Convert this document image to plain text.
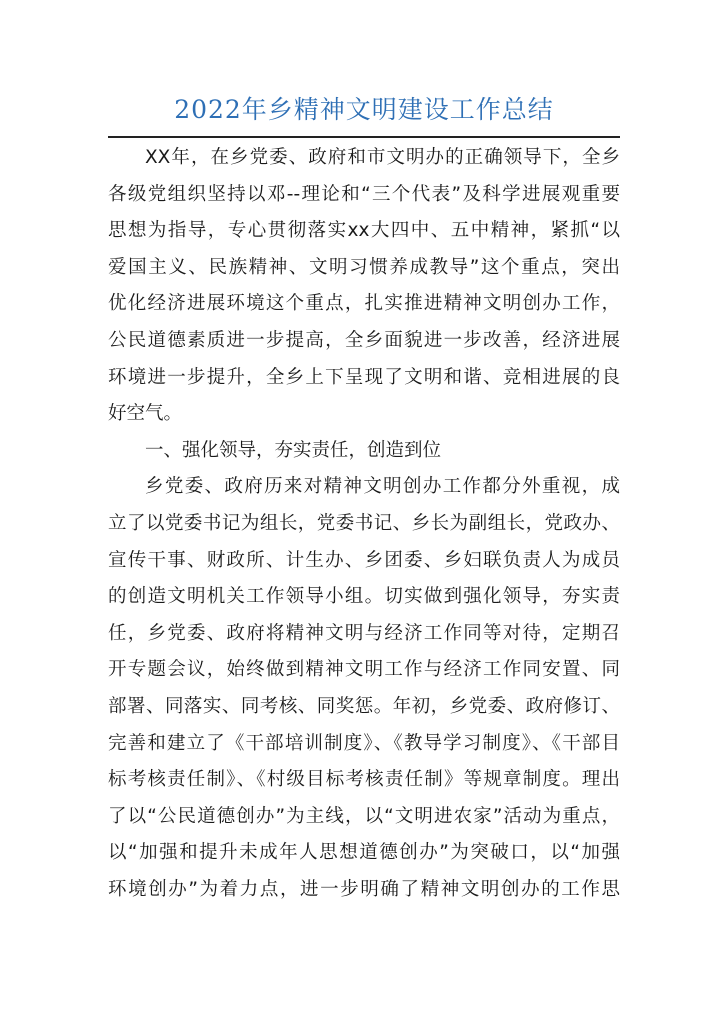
2022年乡精神文明建设工作总结
XX年，在乡党委、政府和市文明办的正确领导下，全乡
各级党组织坚持以邓--理论和“三个代表”及科学进展观重要
思想为指导，专心贯彻落实xx大四中、五中精神，紧抓“以
爱国主义、民族精神、文明习惯养成教导”这个重点，突出
优化经济进展环境这个重点，扎实推进精神文明创办工作，
公民道德素质进一步提高，全乡面貌进一步改善，经济进展
环境进一步提升，全乡上下呈现了文明和谐、竞相进展的良
好空气。
一、强化领导，夯实责任，创造到位
乡党委、政府历来对精神文明创办工作都分外重视，成
立了以党委书记为组长，党委书记、乡长为副组长，党政办、
宣传干事、财政所、计生办、乡团委、乡妇联负责人为成员
的创造文明机关工作领导小组。切实做到强化领导，夯实责
任，乡党委、政府将精神文明与经济工作同等对待，定期召
开专题会议，始终做到精神文明工作与经济工作同安置、同
部署、同落实、同考核、同奖惩。年初，乡党委、政府修订、
完善和建立了《干部培训制度》、《教导学习制度》、《干部目
标考核责任制》、《村级目标考核责任制》等规章制度。理出
了以“公民道德创办”为主线，以“文明进农家”活动为重点，
以“加强和提升未成年人思想道德创办”为突破口，以“加强
环境创办”为着力点，进一步明确了精神文明创办的工作思
